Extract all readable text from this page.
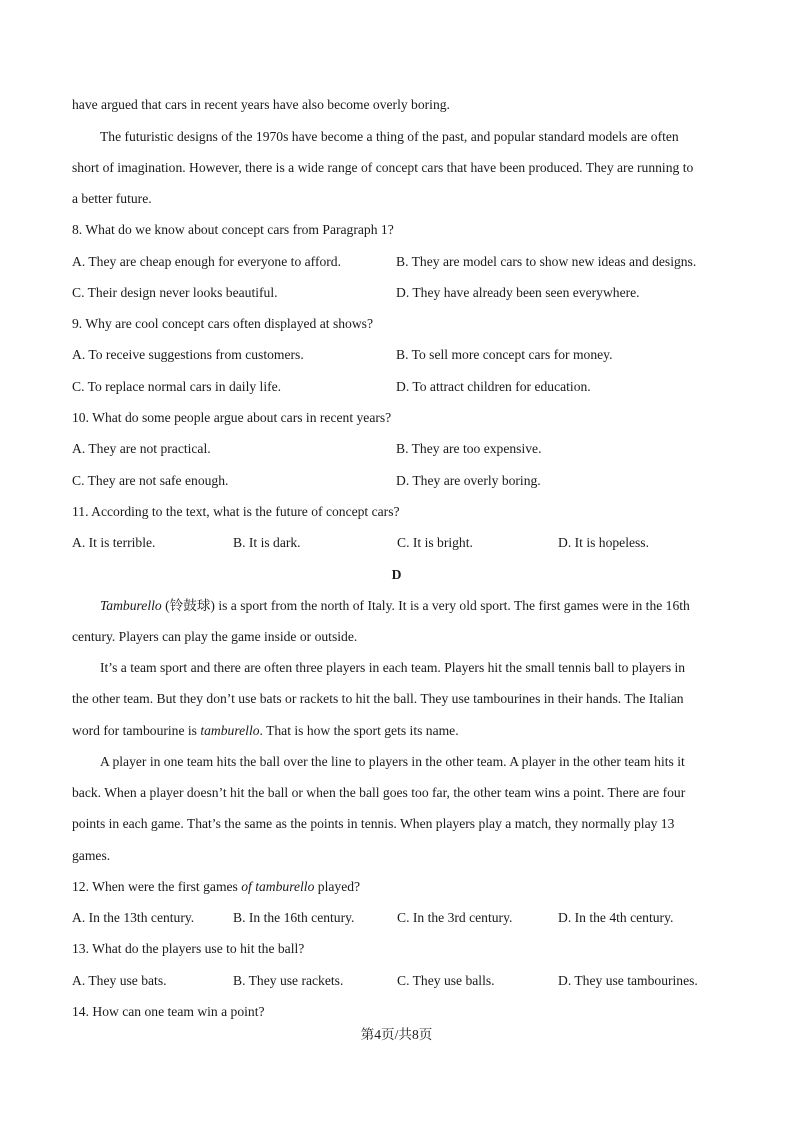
have argued that cars in recent years have also become overly boring.
The futuristic designs of the 1970s have become a thing of the past, and popular standard models are often
short of imagination. However, there is a wide range of concept cars that have been produced. They are running to
a better future.
8. What do we know about concept cars from Paragraph 1?
A. They are cheap enough for everyone to afford.	B. They are model cars to show new ideas and designs.
C. Their design never looks beautiful.	D. They have already been seen everywhere.
9. Why are cool concept cars often displayed at shows?
A. To receive suggestions from customers.	B. To sell more concept cars for money.
C. To replace normal cars in daily life.	D. To attract children for education.
10. What do some people argue about cars in recent years?
A. They are not practical.	B. They are too expensive.
C. They are not safe enough.	D. They are overly boring.
11. According to the text, what is the future of concept cars?
A. It is terrible.	B. It is dark.	C. It is bright.	D. It is hopeless.
D
Tamburello (铃鼓球) is a sport from the north of Italy. It is a very old sport. The first games were in the 16th
century. Players can play the game inside or outside.
It’s a team sport and there are often three players in each team. Players hit the small tennis ball to players in
the other team. But they don’t use bats or rackets to hit the ball. They use tambourines in their hands. The Italian
word for tambourine is tamburello. That is how the sport gets its name.
A player in one team hits the ball over the line to players in the other team. A player in the other team hits it
back. When a player doesn’t hit the ball or when the ball goes too far, the other team wins a point. There are four
points in each game. That’s the same as the points in tennis. When players play a match, they normally play 13
games.
12. When were the first games of tamburello played?
A. In the 13th century.	B. In the 16th century.	C. In the 3rd century.	D. In the 4th century.
13. What do the players use to hit the ball?
A. They use bats.	B. They use rackets.	C. They use balls.	D. They use tambourines.
14. How can one team win a point?
第4页/共8页
